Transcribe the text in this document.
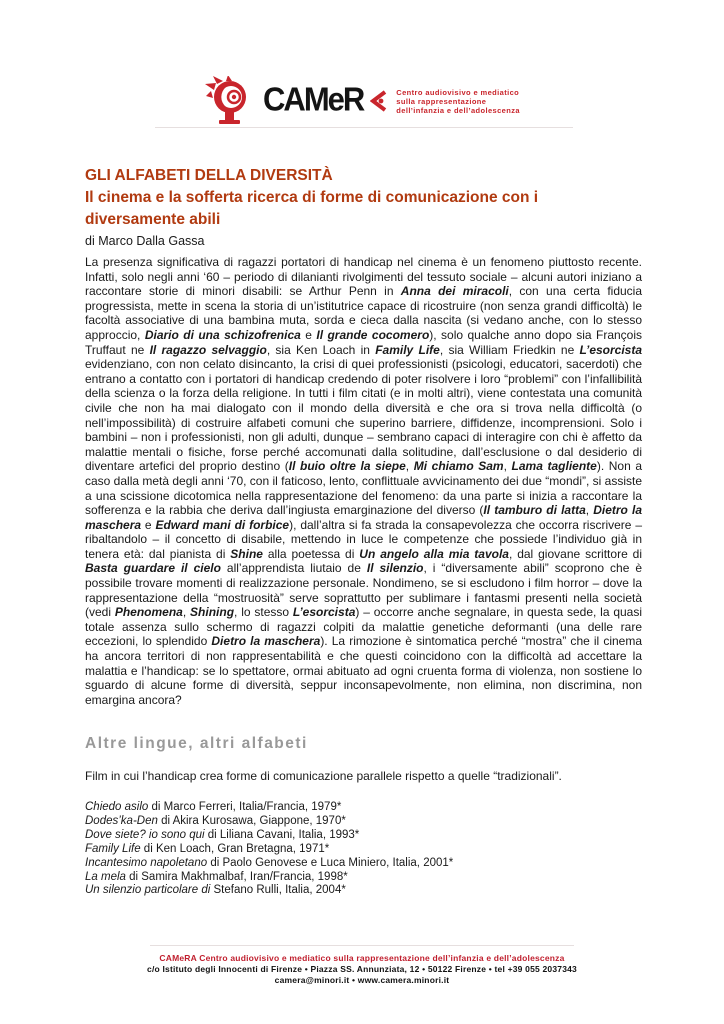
CAMeR	Centro audiovisivo e mediatico
sulla rappresentazione
dell’infanzia e dell’adolescenza
GLI ALFABETI DELLA DIVERSITÀ
Il cinema e la sofferta ricerca di forme di comunicazione con i
diversamente abili
di Marco Dalla Gassa
La presenza significativa di ragazzi portatori di handicap nel cinema è un fenomeno piuttosto recente. Infatti, solo negli anni ‘60 – periodo di dilanianti rivolgimenti del tessuto sociale – alcuni autori iniziano a raccontare storie di minori disabili: se Arthur Penn in Anna dei miracoli, con una certa fiducia progressista, mette in scena la storia di un’istitutrice capace di ricostruire (non senza grandi difficoltà) le facoltà associative di una bambina muta, sorda e cieca dalla nascita (si vedano anche, con lo stesso approccio, Diario di una schizofrenica e Il grande cocomero), solo qualche anno dopo sia François Truffaut ne Il ragazzo selvaggio, sia Ken Loach in Family Life, sia William Friedkin ne L’esorcista evidenziano, con non celato disincanto, la crisi di quei professionisti (psicologi, educatori, sacerdoti) che entrano a contatto con i portatori di handicap credendo di poter risolvere i loro “problemi” con l’infallibilità della scienza o la forza della religione. In tutti i film citati (e in molti altri), viene contestata una comunità civile che non ha mai dialogato con il mondo della diversità e che ora si trova nella difficoltà (o nell’impossibilità) di costruire alfabeti comuni che superino barriere, diffidenze, incomprensioni. Solo i bambini – non i professionisti, non gli adulti, dunque – sembrano capaci di interagire con chi è affetto da malattie mentali o fisiche, forse perché accomunati dalla solitudine, dall’esclusione o dal desiderio di diventare artefici del proprio destino (Il buio oltre la siepe, Mi chiamo Sam, Lama tagliente). Non a caso dalla metà degli anni ‘70, con il faticoso, lento, conflittuale avvicinamento dei due “mondi”, si assiste a una scissione dicotomica nella rappresentazione del fenomeno: da una parte si inizia a raccontare la sofferenza e la rabbia che deriva dall’ingiusta emarginazione del diverso (Il tamburo di latta, Dietro la maschera e Edward mani di forbice), dall’altra si fa strada la consapevolezza che occorra riscrivere – ribaltandolo – il concetto di disabile, mettendo in luce le competenze che possiede l’individuo già in tenera età: dal pianista di Shine alla poetessa di Un angelo alla mia tavola, dal giovane scrittore di Basta guardare il cielo all’apprendista liutaio de Il silenzio, i “diversamente abili” scoprono che è possibile trovare momenti di realizzazione personale. Nondimeno, se si escludono i film horror – dove la rappresentazione della “mostruosità” serve soprattutto per sublimare i fantasmi presenti nella società (vedi Phenomena, Shining, lo stesso L’esorcista) – occorre anche segnalare, in questa sede, la quasi totale assenza sullo schermo di ragazzi colpiti da malattie genetiche deformanti (una delle rare eccezioni, lo splendido Dietro la maschera). La rimozione è sintomatica perché “mostra” che il cinema ha ancora territori di non rappresentabilità e che questi coincidono con la difficoltà ad accettare la malattia e l’handicap: se lo spettatore, ormai abituato ad ogni cruenta forma di violenza, non sostiene lo sguardo di alcune forme di diversità, seppur inconsapevolmente, non elimina, non discrimina, non emargina ancora?
Altre lingue, altri alfabeti
Film in cui l’handicap crea forme di comunicazione parallele rispetto a quelle “tradizionali”.
Chiedo asilo di Marco Ferreri, Italia/Francia, 1979*
Dodes’ka-Den di Akira Kurosawa, Giappone, 1970*
Dove siete? io sono qui di Liliana Cavani, Italia, 1993*
Family Life di Ken Loach, Gran Bretagna, 1971*
Incantesimo napoletano di Paolo Genovese e Luca Miniero, Italia, 2001*
La mela di Samira Makhmalbaf, Iran/Francia, 1998*
Un silenzio particolare di Stefano Rulli, Italia, 2004*
CAMeRA Centro audiovisivo e mediatico sulla rappresentazione dell’infanzia e dell’adolescenza
c/o Istituto degli Innocenti di Firenze • Piazza SS. Annunziata, 12 • 50122 Firenze • tel +39 055 2037343
camera@minori.it • www.camera.minori.it
